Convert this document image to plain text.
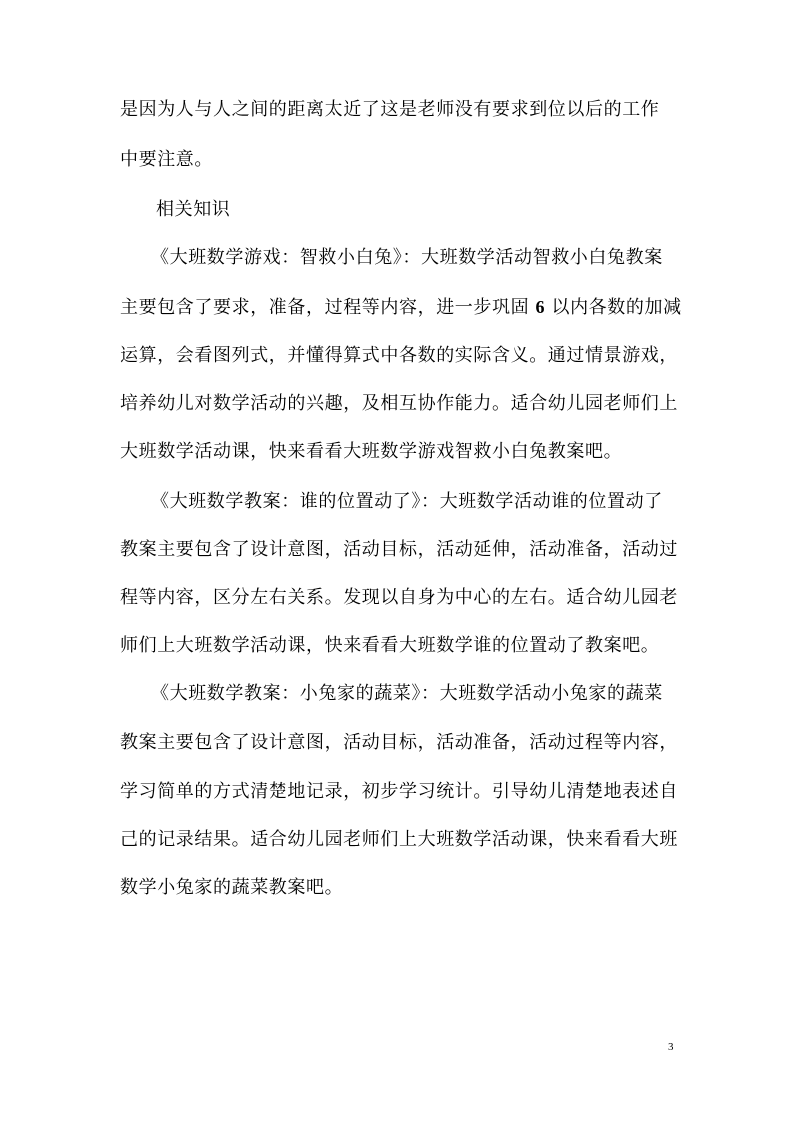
是因为人与人之间的距离太近了这是老师没有要求到位以后的工作
中要注意。
相关知识
《大班数学游戏：智救小白兔》：大班数学活动智救小白兔教案
主要包含了要求，准备，过程等内容，进一步巩固 6 以内各数的加减
运算，会看图列式，并懂得算式中各数的实际含义。通过情景游戏，
培养幼儿对数学活动的兴趣，及相互协作能力。适合幼儿园老师们上
大班数学活动课，快来看看大班数学游戏智救小白兔教案吧。
《大班数学教案：谁的位置动了》：大班数学活动谁的位置动了
教案主要包含了设计意图，活动目标，活动延伸，活动准备，活动过
程等内容，区分左右关系。发现以自身为中心的左右。适合幼儿园老
师们上大班数学活动课，快来看看大班数学谁的位置动了教案吧。
《大班数学教案：小兔家的蔬菜》：大班数学活动小兔家的蔬菜
教案主要包含了设计意图，活动目标，活动准备，活动过程等内容，
学习简单的方式清楚地记录，初步学习统计。引导幼儿清楚地表述自
己的记录结果。适合幼儿园老师们上大班数学活动课，快来看看大班
数学小兔家的蔬菜教案吧。
3
